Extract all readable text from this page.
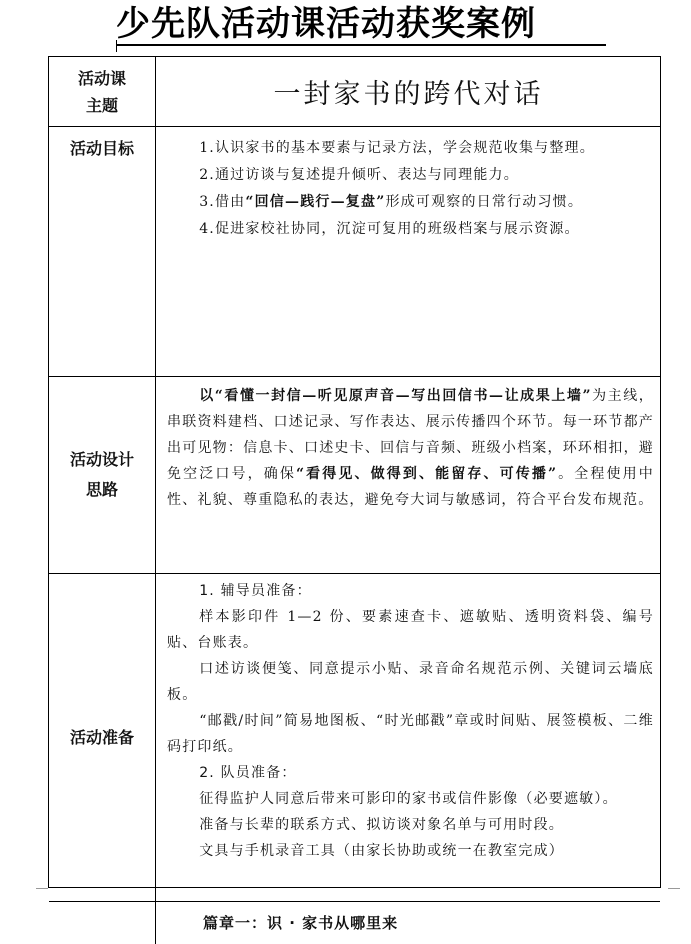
少先队活动课活动获奖案例
活动课
主题	一封家书的跨代对话
活动目标	1.认识家书的基本要素与记录方法，学会规范收集与整理。

2.通过访谈与复述提升倾听、表达与同理能力。

3.借由“回信—践行—复盘”形成可观察的日常行动习惯。

4.促进家校社协同，沉淀可复用的班级档案与展示资源。

活动设计
思路

以“看懂一封信—听见原声音—写出回信书—让成果上墙”为主线，串联资料建档、口述记录、写作表达、展示传播四个环节。每一环节都产出可见物：信息卡、口述史卡、回信与音频、班级小档案，环环相扣，避免空泛口号，确保“看得见、做得到、能留存、可传播”。全程使用中性、礼貌、尊重隐私的表达，避免夸大词与敏感词，符合平台发布规范。

活动准备

1. 辅导员准备：

样本影印件 1—2 份、要素速查卡、遮敏贴、透明资料袋、编号贴、台账表。

口述访谈便笺、同意提示小贴、录音命名规范示例、关键词云墙底板。

“邮戳/时间”简易地图板、“时光邮戳”章或时间贴、展签模板、二维码打印纸。

2. 队员准备：

征得监护人同意后带来可影印的家书或信件影像（必要遮敏）。

准备与长辈的联系方式、拟访谈对象名单与可用时段。

文具与手机录音工具（由家长协助或统一在教室完成）

篇章一：识 · 家书从哪里来
